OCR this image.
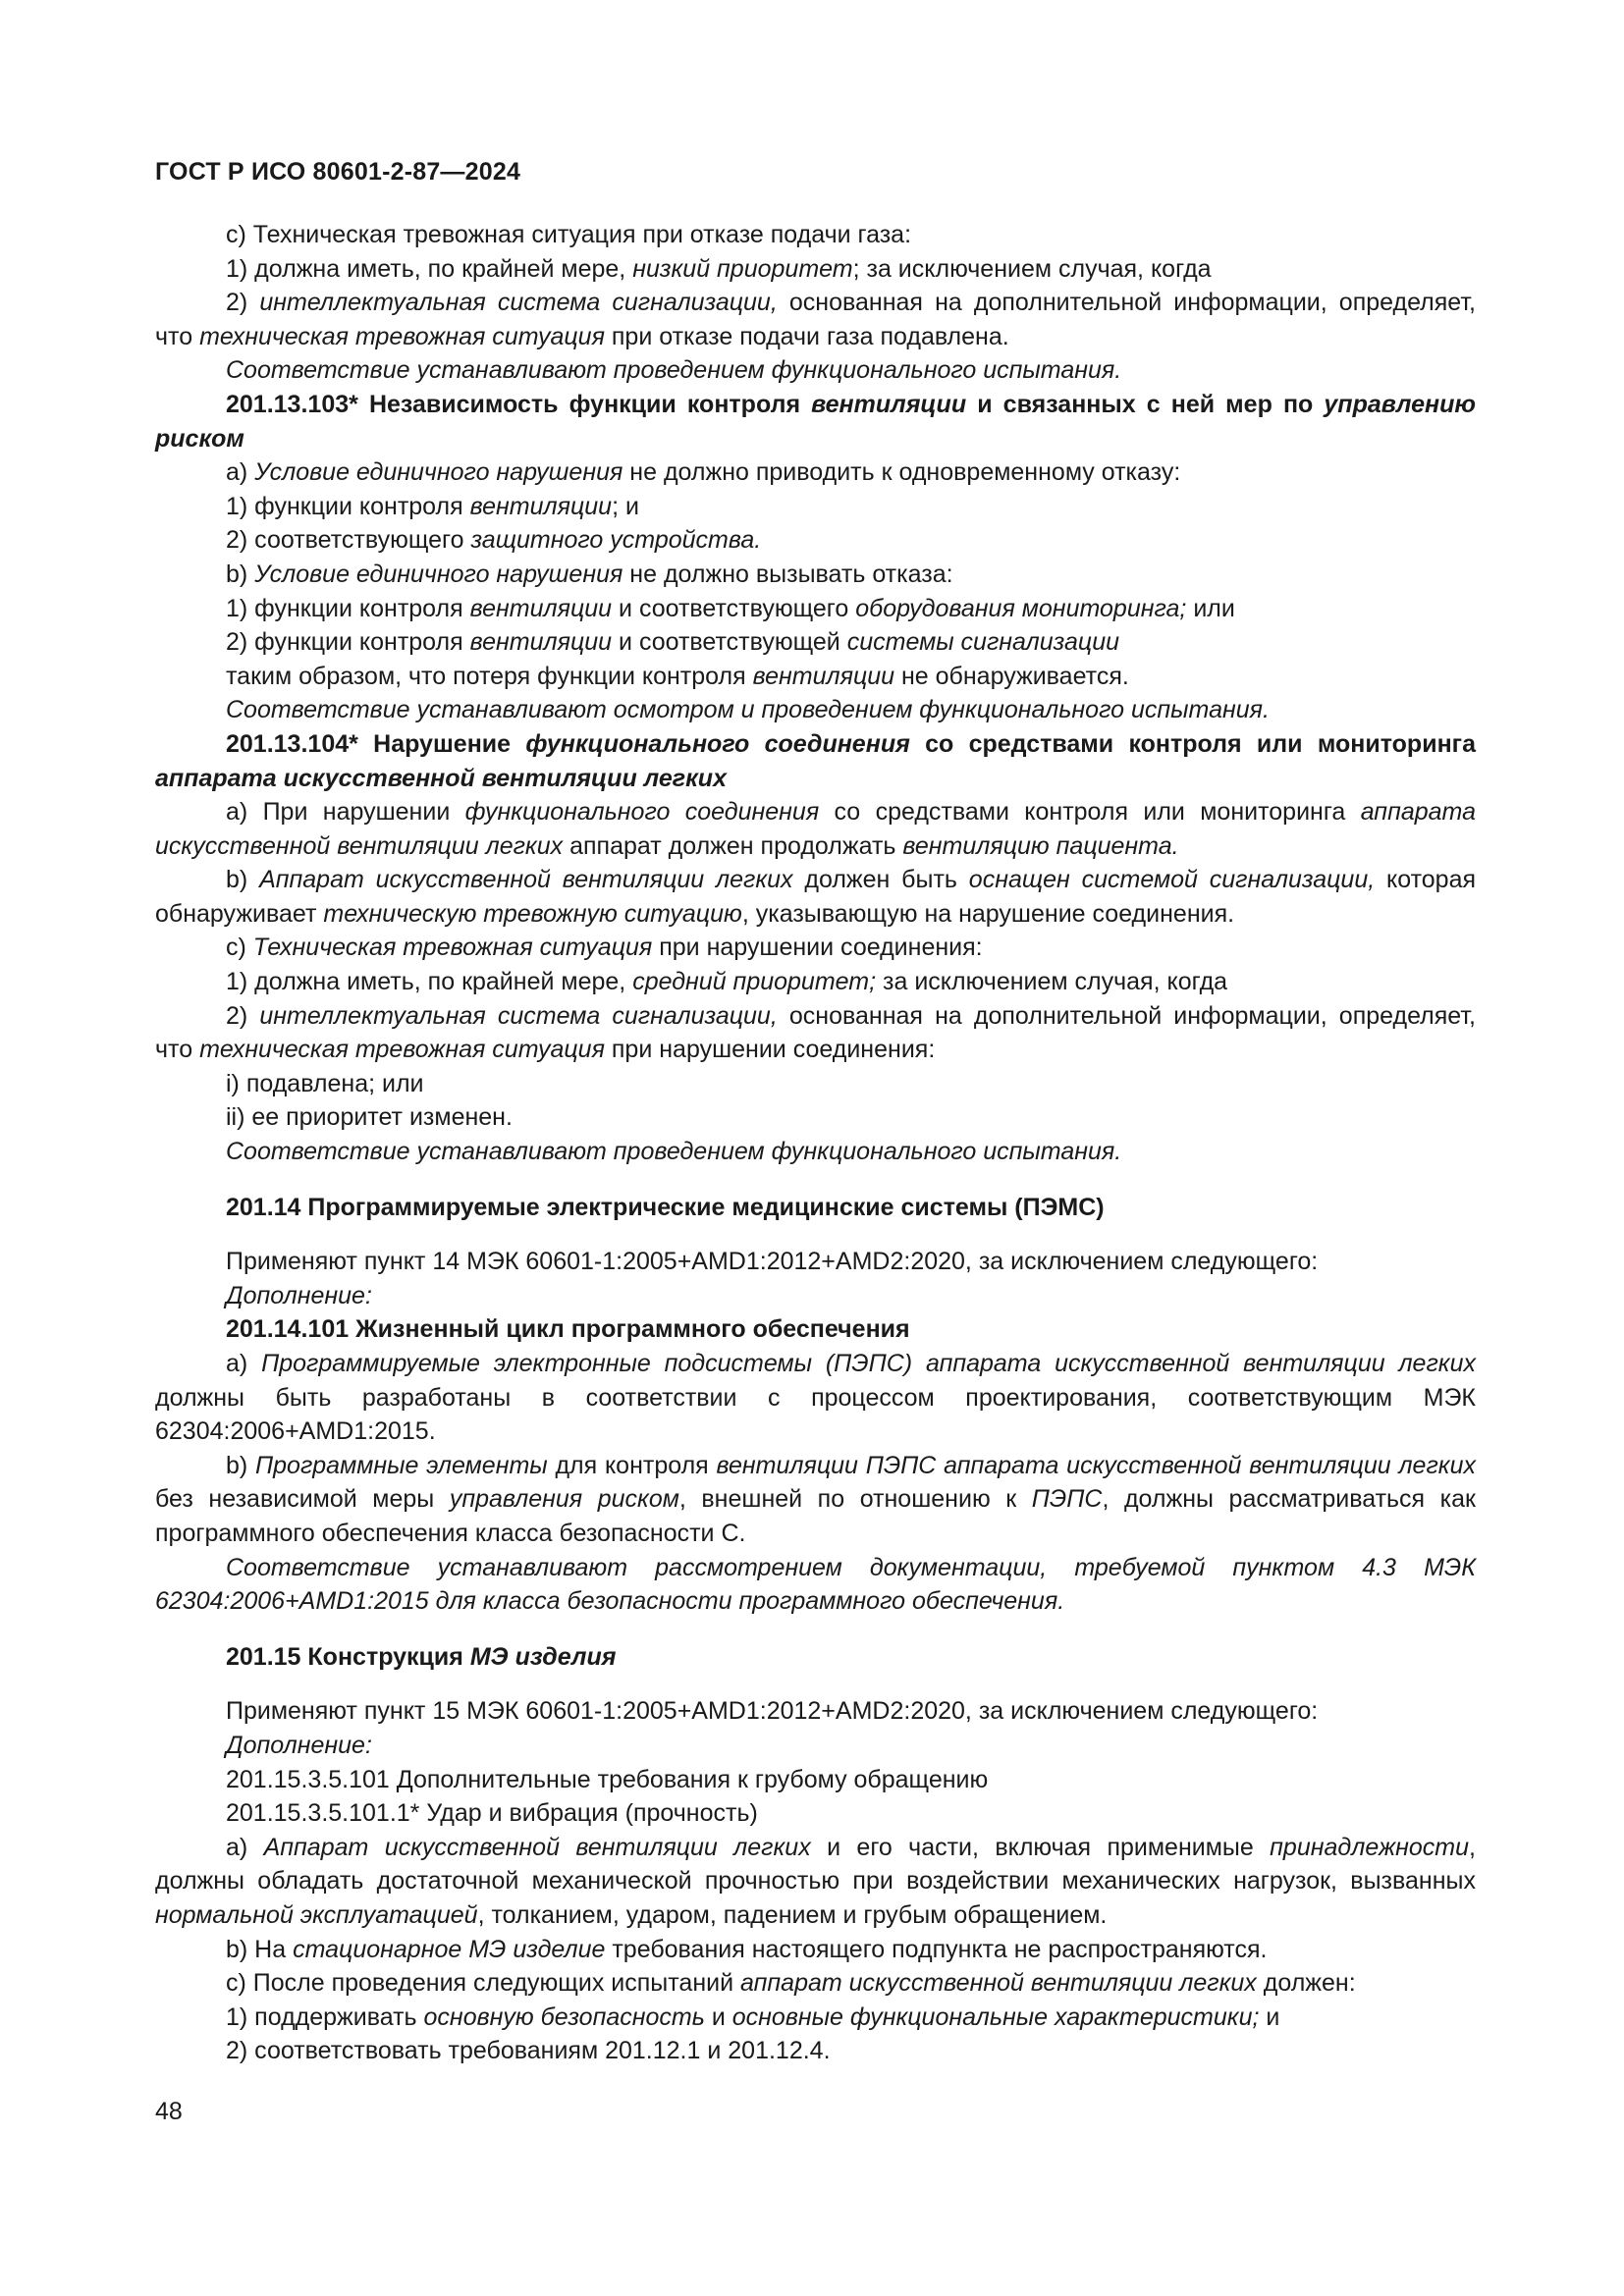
ГОСТ Р ИСО 80601-2-87—2024

с) Техническая тревожная ситуация при отказе подачи газа:

1) должна иметь, по крайней мере, низкий приоритет; за исключением случая, когда

2) интеллектуальная система сигнализации, основанная на дополнительной информации, определяет, что техническая тревожная ситуация при отказе подачи газа подавлена.

Соответствие устанавливают проведением функционального испытания.

201.13.103* Независимость функции контроля вентиляции и связанных с ней мер по управлению риском

а) Условие единичного нарушения не должно приводить к одновременному отказу:

1) функции контроля вентиляции; и

2) соответствующего защитного устройства.

b) Условие единичного нарушения не должно вызывать отказа:

1) функции контроля вентиляции и соответствующего оборудования мониторинга; или

2) функции контроля вентиляции и соответствующей системы сигнализации

таким образом, что потеря функции контроля вентиляции не обнаруживается.

Соответствие устанавливают осмотром и проведением функционального испытания.

201.13.104* Нарушение функционального соединения со средствами контроля или мониторинга аппарата искусственной вентиляции легких

а) При нарушении функционального соединения со средствами контроля или мониторинга аппарата искусственной вентиляции легких аппарат должен продолжать вентиляцию пациента.

b) Аппарат искусственной вентиляции легких должен быть оснащен системой сигнализации, которая обнаруживает техническую тревожную ситуацию, указывающую на нарушение соединения.

с) Техническая тревожная ситуация при нарушении соединения:

1) должна иметь, по крайней мере, средний приоритет; за исключением случая, когда

2) интеллектуальная система сигнализации, основанная на дополнительной информации, определяет, что техническая тревожная ситуация при нарушении соединения:

i) подавлена; или

ii) ее приоритет изменен.

Соответствие устанавливают проведением функционального испытания.

201.14 Программируемые электрические медицинские системы (ПЭМС)

Применяют пункт 14 МЭК 60601-1:2005+AMD1:2012+AMD2:2020, за исключением следующего:

Дополнение:

201.14.101 Жизненный цикл программного обеспечения

а) Программируемые электронные подсистемы (ПЭПС) аппарата искусственной вентиляции легких должны быть разработаны в соответствии с процессом проектирования, соответствующим МЭК 62304:2006+AMD1:2015.

b) Программные элементы для контроля вентиляции ПЭПС аппарата искусственной вентиляции легких без независимой меры управления риском, внешней по отношению к ПЭПС, должны рассматриваться как программного обеспечения класса безопасности С.

Соответствие устанавливают рассмотрением документации, требуемой пунктом 4.3 МЭК 62304:2006+AMD1:2015 для класса безопасности программного обеспечения.

201.15 Конструкция МЭ изделия

Применяют пункт 15 МЭК 60601-1:2005+AMD1:2012+AMD2:2020, за исключением следующего:

Дополнение:

201.15.3.5.101 Дополнительные требования к грубому обращению

201.15.3.5.101.1* Удар и вибрация (прочность)

а) Аппарат искусственной вентиляции легких и его части, включая применимые принадлежности, должны обладать достаточной механической прочностью при воздействии механических нагрузок, вызванных нормальной эксплуатацией, толканием, ударом, падением и грубым обращением.

b) На стационарное МЭ изделие требования настоящего подпункта не распространяются.

с) После проведения следующих испытаний аппарат искусственной вентиляции легких должен:

1) поддерживать основную безопасность и основные функциональные характеристики; и

2) соответствовать требованиям 201.12.1 и 201.12.4.

48
